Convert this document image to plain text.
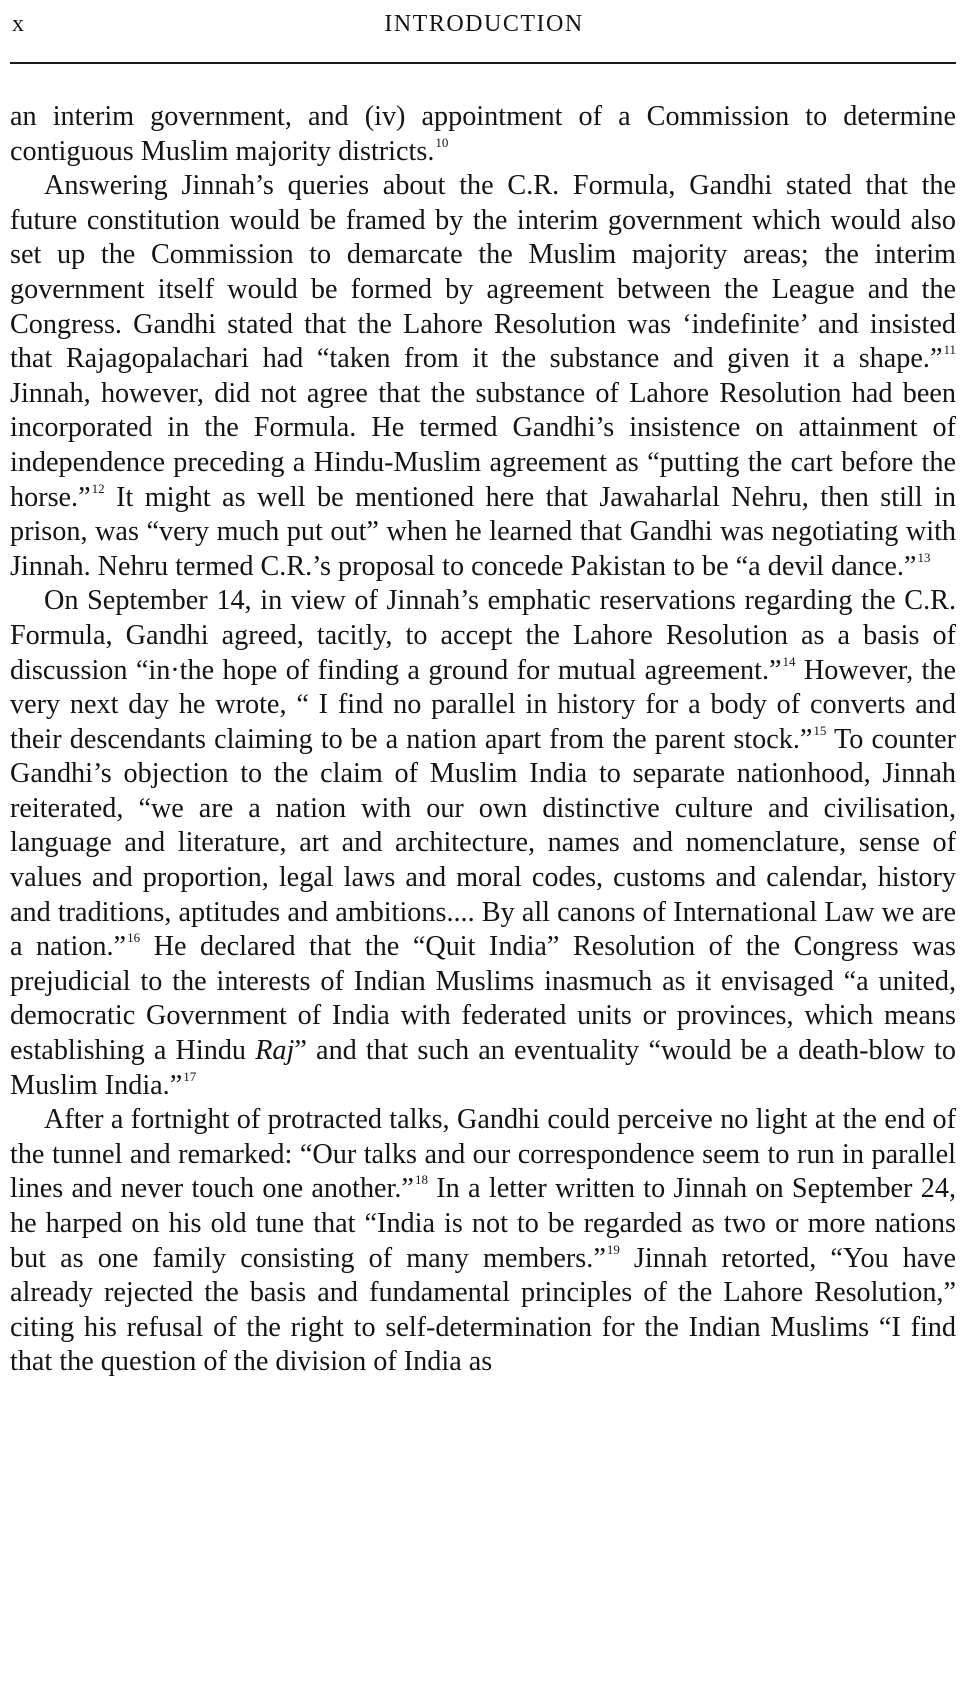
x	INTRODUCTION

an interim government, and (iv) appointment of a Commission to determine contiguous Muslim majority districts.$^{10}$

Answering Jinnah’s queries about the C.R. Formula, Gandhi stated that the future constitution would be framed by the interim government which would also set up the Commission to demarcate the Muslim majority areas; the interim government itself would be formed by agreement between the League and the Congress. Gandhi stated that the Lahore Resolution was ‘indefinite’ and insisted that Rajagopalachari had “taken from it the substance and given it a shape.”$^{11}$ Jinnah, however, did not agree that the substance of Lahore Resolution had been incorporated in the Formula. He termed Gandhi’s insistence on attainment of independence preceding a Hindu-Muslim agreement as “putting the cart before the horse.”$^{12}$ It might as well be mentioned here that Jawaharlal Nehru, then still in prison, was “very much put out” when he learned that Gandhi was negotiating with Jinnah. Nehru termed C.R.’s proposal to concede Pakistan to be “a devil dance.”$^{13}$

On September 14, in view of Jinnah’s emphatic reservations regarding the C.R. Formula, Gandhi agreed, tacitly, to accept the Lahore Resolution as a basis of discussion “in·the hope of finding a ground for mutual agreement.”$^{14}$ However, the very next day he wrote, “ I find no parallel in history for a body of converts and their descendants claiming to be a nation apart from the parent stock.”$^{15}$ To counter Gandhi’s objection to the claim of Muslim India to separate nationhood, Jinnah reiterated, “we are a nation with our own distinctive culture and civilisation, language and literature, art and architecture, names and nomenclature, sense of values and proportion, legal laws and moral codes, customs and calendar, history and traditions, aptitudes and ambitions.... By all canons of International Law we are a nation.”$^{16}$ He declared that the “Quit India” Resolution of the Congress was prejudicial to the interests of Indian Muslims inasmuch as it envisaged “a united, democratic Government of India with federated units or provinces, which means establishing a Hindu Raj” and that such an eventuality “would be a death-blow to Muslim India.”$^{17}$

After a fortnight of protracted talks, Gandhi could perceive no light at the end of the tunnel and remarked: “Our talks and our correspondence seem to run in parallel lines and never touch one another.”$^{18}$ In a letter written to Jinnah on September 24, he harped on his old tune that “India is not to be regarded as two or more nations but as one family consisting of many members.”$^{19}$ Jinnah retorted, “You have already rejected the basis and fundamental principles of the Lahore Resolution,” citing his refusal of the right to self-determination for the Indian Muslims “I find that the question of the division of India as
